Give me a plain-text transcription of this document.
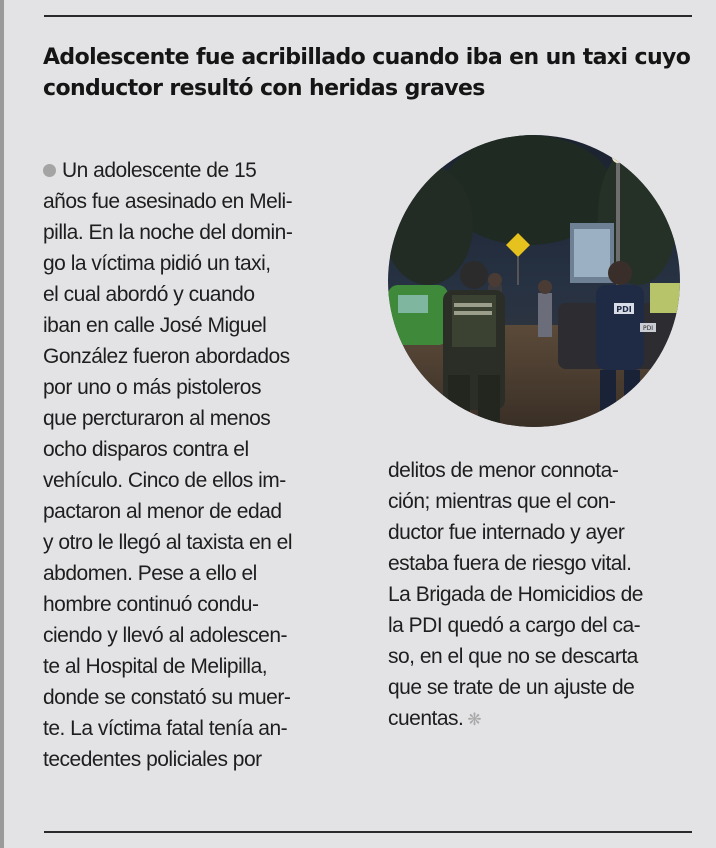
Adolescente fue acribillado cuando iba en un taxi cuyo conductor resultó con heridas graves
PDI
PDI
Un adolescente de 15
años fue asesinado en Meli-
pilla. En la noche del domin-
go la víctima pidió un taxi,
el cual abordó y cuando
iban en calle José Miguel
González fueron abordados
por uno o más pistoleros
que percturaron al menos
ocho disparos contra el
vehículo. Cinco de ellos im-
pactaron al menor de edad
y otro le llegó al taxista en el
abdomen. Pese a ello el
hombre continuó condu-
ciendo y llevó al adolescen-
te al Hospital de Melipilla,
donde se constató su muer-
te. La víctima fatal tenía an-
tecedentes policiales por
delitos de menor connota-
ción; mientras que el con-
ductor fue internado y ayer
estaba fuera de riesgo vital.
La Brigada de Homicidios de
la PDI quedó a cargo del ca-
so, en el que no se descarta
que se trate de un ajuste de
cuentas. ❋
